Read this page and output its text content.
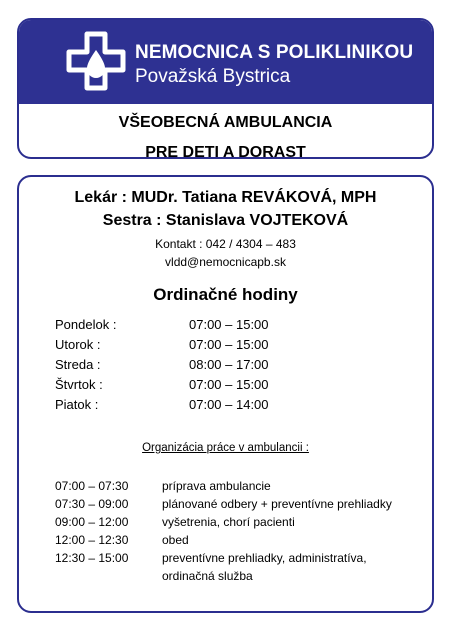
NEMOCNICA S POLIKLINIKOU
Považská Bystrica
VŠEOBECNÁ AMBULANCIA
PRE DETI A DORAST
Lekár : MUDr. Tatiana REVÁKOVÁ, MPH
Sestra : Stanislava VOJTEKOVÁ
Kontakt : 042 / 4304 – 483
vldd@nemocnicapb.sk
Ordinačné hodiny
Pondelok :	07:00 – 15:00
Utorok :	07:00 – 15:00
Streda :	08:00 – 17:00
Štvrtok :	07:00 – 15:00
Piatok :	07:00 – 14:00
Organizácia práce v ambulancii :
07:00 – 07:30	príprava ambulancie
07:30 – 09:00	plánované odbery + preventívne prehliadky
09:00 – 12:00	vyšetrenia, chorí pacienti
12:00 – 12:30	obed
12:30 – 15:00	preventívne prehliadky, administratíva, ordinačná služba
